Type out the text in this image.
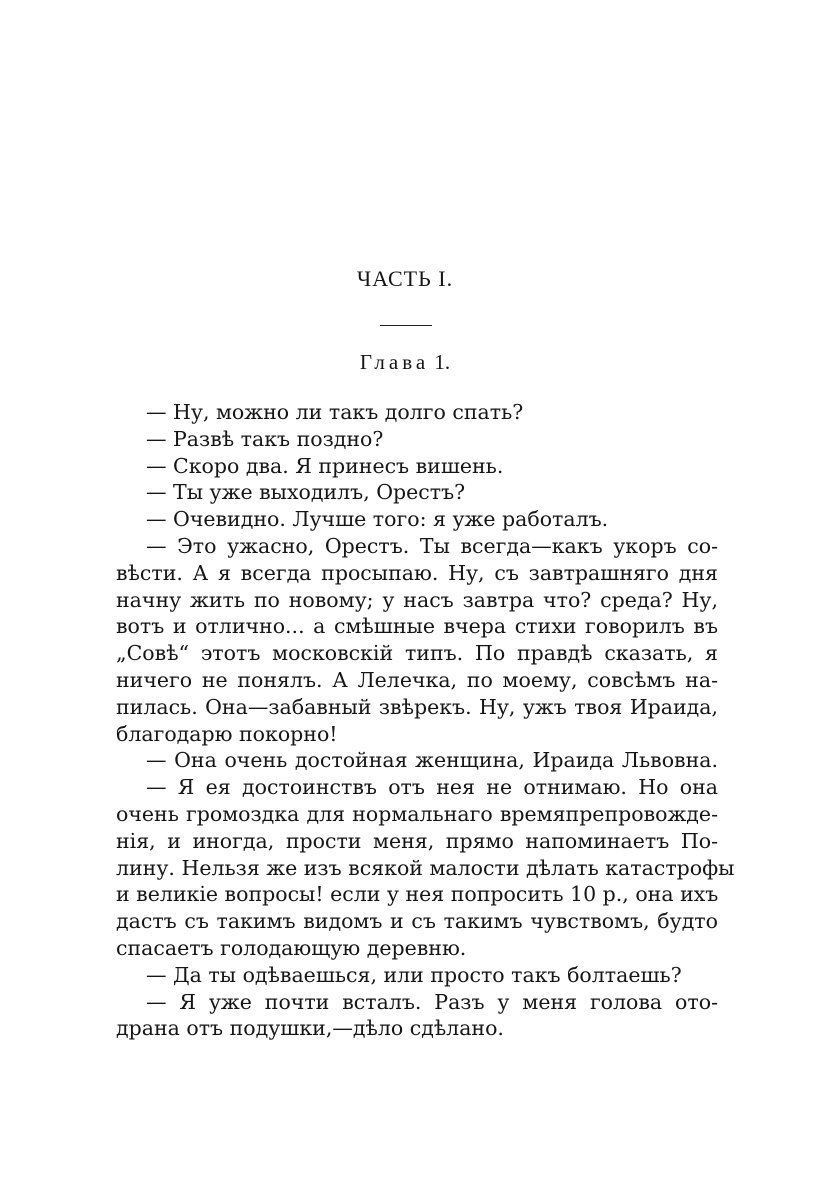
ЧАСТЬ I.
Глава 1.
— Ну, можно ли такъ долго спать?
— Развѣ такъ поздно?
— Скоро два. Я принесъ вишень.
— Ты уже выходилъ, Орестъ?
— Очевидно. Лучше того: я уже работалъ.
— Это ужасно, Орестъ. Ты всегда—какъ укоръ со-
вѣсти. А я всегда просыпаю. Ну, съ завтрашняго дня
начну жить по новому; у насъ завтра что? среда? Ну,
вотъ и отлично... а смѣшные вчера стихи говорилъ въ
„Совѣ“ этотъ московскій типъ. По правдѣ сказать, я
ничего не понялъ. А Лелечка, по моему, совсѣмъ на-
пилась. Она—забавный звѣрекъ. Ну, ужъ твоя Ираида,
благодарю покорно!
— Она очень достойная женщина, Ираида Львовна.
— Я ея достоинствъ отъ нея не отнимаю. Но она
очень громоздка для нормальнаго времяпрепровожде-
нія, и иногда, прости меня, прямо напоминаетъ По-
лину. Нельзя же изъ всякой малости дѣлать катастрофы
и великіе вопросы! если у нея попросить 10 р., она ихъ
дастъ съ такимъ видомъ и съ такимъ чувствомъ, будто
спасаетъ голодающую деревню.
— Да ты одѣваешься, или просто такъ болтаешь?
— Я уже почти всталъ. Разъ у меня голова ото-
драна отъ подушки,—дѣло сдѣлано.
